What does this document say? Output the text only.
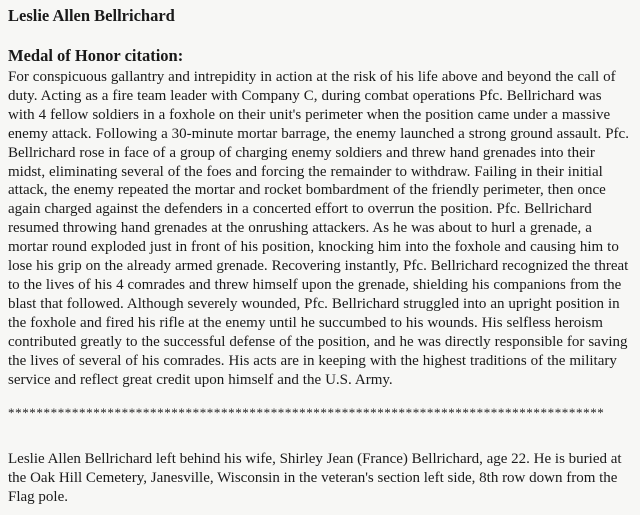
Leslie Allen Bellrichard
Medal of Honor citation:

For conspicuous gallantry and intrepidity in action at the risk of his life above and beyond the call of duty. Acting as a fire team leader with Company C, during combat operations Pfc. Bellrichard was with 4 fellow soldiers in a foxhole on their unit's perimeter when the position came under a massive enemy attack. Following a 30-minute mortar barrage, the enemy launched a strong ground assault. Pfc. Bellrichard rose in face of a group of charging enemy soldiers and threw hand grenades into their midst, eliminating several of the foes and forcing the remainder to withdraw. Failing in their initial attack, the enemy repeated the mortar and rocket bombardment of the friendly perimeter, then once again charged against the defenders in a concerted effort to overrun the position. Pfc. Bellrichard resumed throwing hand grenades at the onrushing attackers. As he was about to hurl a grenade, a mortar round exploded just in front of his position, knocking him into the foxhole and causing him to lose his grip on the already armed grenade. Recovering instantly, Pfc. Bellrichard recognized the threat to the lives of his 4 comrades and threw himself upon the grenade, shielding his companions from the blast that followed. Although severely wounded, Pfc. Bellrichard struggled into an upright position in the foxhole and fired his rifle at the enemy until he succumbed to his wounds. His selfless heroism contributed greatly to the successful defense of the position, and he was directly responsible for saving the lives of several of his comrades. His acts are in keeping with the highest traditions of the military service and reflect great credit upon himself and the U.S. Army.

************************************************************************************

Leslie Allen Bellrichard left behind his wife, Shirley Jean (France) Bellrichard, age 22. He is buried at the Oak Hill Cemetery, Janesville, Wisconsin in the veteran's section left side, 8th row down from the Flag pole.
